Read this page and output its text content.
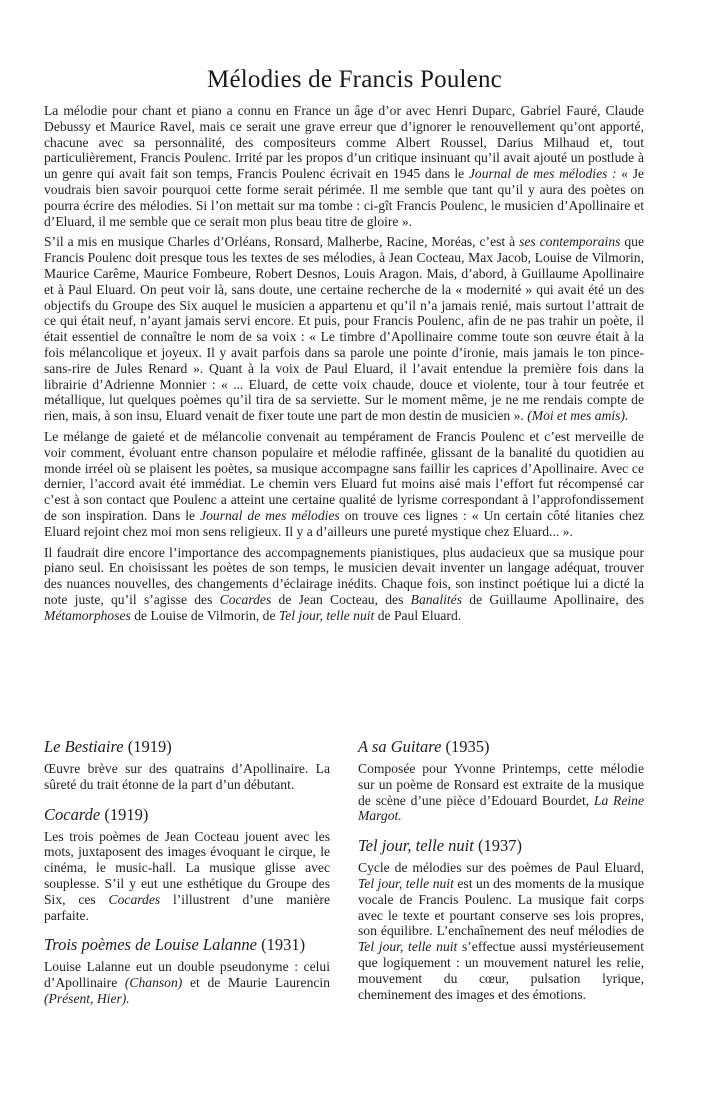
Mélodies de Francis Poulenc

La mélodie pour chant et piano a connu en France un âge d’or avec Henri Duparc, Gabriel Fauré, Claude Debussy et Maurice Ravel, mais ce serait une grave erreur que d’ignorer le renouvellement qu’ont apporté, chacune avec sa personnalité, des compositeurs comme Albert Roussel, Darius Milhaud et, tout particulièrement, Francis Poulenc. Irrité par les propos d’un critique insinuant qu’il avait ajouté un postlude à un genre qui avait fait son temps, Francis Poulenc écrivait en 1945 dans le Journal de mes mélodies : « Je voudrais bien savoir pourquoi cette forme serait périmée. Il me semble que tant qu’il y aura des poètes on pourra écrire des mélodies. Si l’on mettait sur ma tombe : ci-gît Francis Poulenc, le musicien d’Apollinaire et d’Eluard, il me semble que ce serait mon plus beau titre de gloire ».

S’il a mis en musique Charles d’Orléans, Ronsard, Malherbe, Racine, Moréas, c’est à ses contemporains que Francis Poulenc doit presque tous les textes de ses mélodies, à Jean Cocteau, Max Jacob, Louise de Vilmorin, Maurice Carême, Maurice Fombeure, Robert Desnos, Louis Aragon. Mais, d’abord, à Guillaume Apollinaire et à Paul Eluard. On peut voir là, sans doute, une certaine recherche de la « modernité » qui avait été un des objectifs du Groupe des Six auquel le musicien a appartenu et qu’il n’a jamais renié, mais surtout l’attrait de ce qui était neuf, n’ayant jamais servi encore. Et puis, pour Francis Poulenc, afin de ne pas trahir un poète, il était essentiel de connaître le nom de sa voix : « Le timbre d’Apollinaire comme toute son œuvre était à la fois mélancolique et joyeux. Il y avait parfois dans sa parole une pointe d’ironie, mais jamais le ton pince-sans-rire de Jules Renard ». Quant à la voix de Paul Eluard, il l’avait entendue la première fois dans la librairie d’Adrienne Monnier : « ... Eluard, de cette voix chaude, douce et violente, tour à tour feutrée et métallique, lut quelques poèmes qu’il tira de sa serviette. Sur le moment même, je ne me rendais compte de rien, mais, à son insu, Eluard venait de fixer toute une part de mon destin de musicien ». (Moi et mes amis).

Le mélange de gaieté et de mélancolie convenait au tempérament de Francis Poulenc et c’est merveille de voir comment, évoluant entre chanson populaire et mélodie raffinée, glissant de la banalité du quotidien au monde irréel où se plaisent les poètes, sa musique accompagne sans faillir les caprices d’Apollinaire. Avec ce dernier, l’accord avait été immédiat. Le chemin vers Eluard fut moins aisé mais l’effort fut récompensé car c’est à son contact que Poulenc a atteint une certaine qualité de lyrisme correspondant à l’approfondissement de son inspiration. Dans le Journal de mes mélodies on trouve ces lignes : « Un certain côté litanies chez Eluard rejoint chez moi mon sens religieux. Il y a d’ailleurs une pureté mystique chez Eluard... ».

Il faudrait dire encore l’importance des accompagnements pianistiques, plus audacieux que sa musique pour piano seul. En choisissant les poètes de son temps, le musicien devait inventer un langage adéquat, trouver des nuances nouvelles, des changements d’éclairage inédits. Chaque fois, son instinct poétique lui a dicté la note juste, qu’il s’agisse des Cocardes de Jean Cocteau, des Banalités de Guillaume Apollinaire, des Métamorphoses de Louise de Vilmorin, de Tel jour, telle nuit de Paul Eluard.

Le Bestiaire (1919)

Œuvre brève sur des quatrains d’Apollinaire. La sûreté du trait étonne de la part d’un débutant.

Cocarde (1919)

Les trois poèmes de Jean Cocteau jouent avec les mots, juxtaposent des images évoquant le cirque, le cinéma, le music-hall. La musique glisse avec souplesse. S’il y eut une esthétique du Groupe des Six, ces Cocardes l’illustrent d’une manière parfaite.

Trois poèmes de Louise Lalanne (1931)

Louise Lalanne eut un double pseudonyme : celui d’Apollinaire (Chanson) et de Maurie Laurencin (Présent, Hier).

A sa Guitare (1935)

Composée pour Yvonne Printemps, cette mélodie sur un poème de Ronsard est extraite de la musique de scène d’une pièce d’Edouard Bourdet, La Reine Margot.

Tel jour, telle nuit (1937)

Cycle de mélodies sur des poèmes de Paul Eluard, Tel jour, telle nuit est un des moments de la musique vocale de Francis Poulenc. La musique fait corps avec le texte et pourtant conserve ses lois propres, son équilibre. L’enchaînement des neuf mélodies de Tel jour, telle nuit s’effectue aussi mystérieusement que logiquement : un mouvement naturel les relie, mouvement du cœur, pulsation lyrique, cheminement des images et des émotions.
